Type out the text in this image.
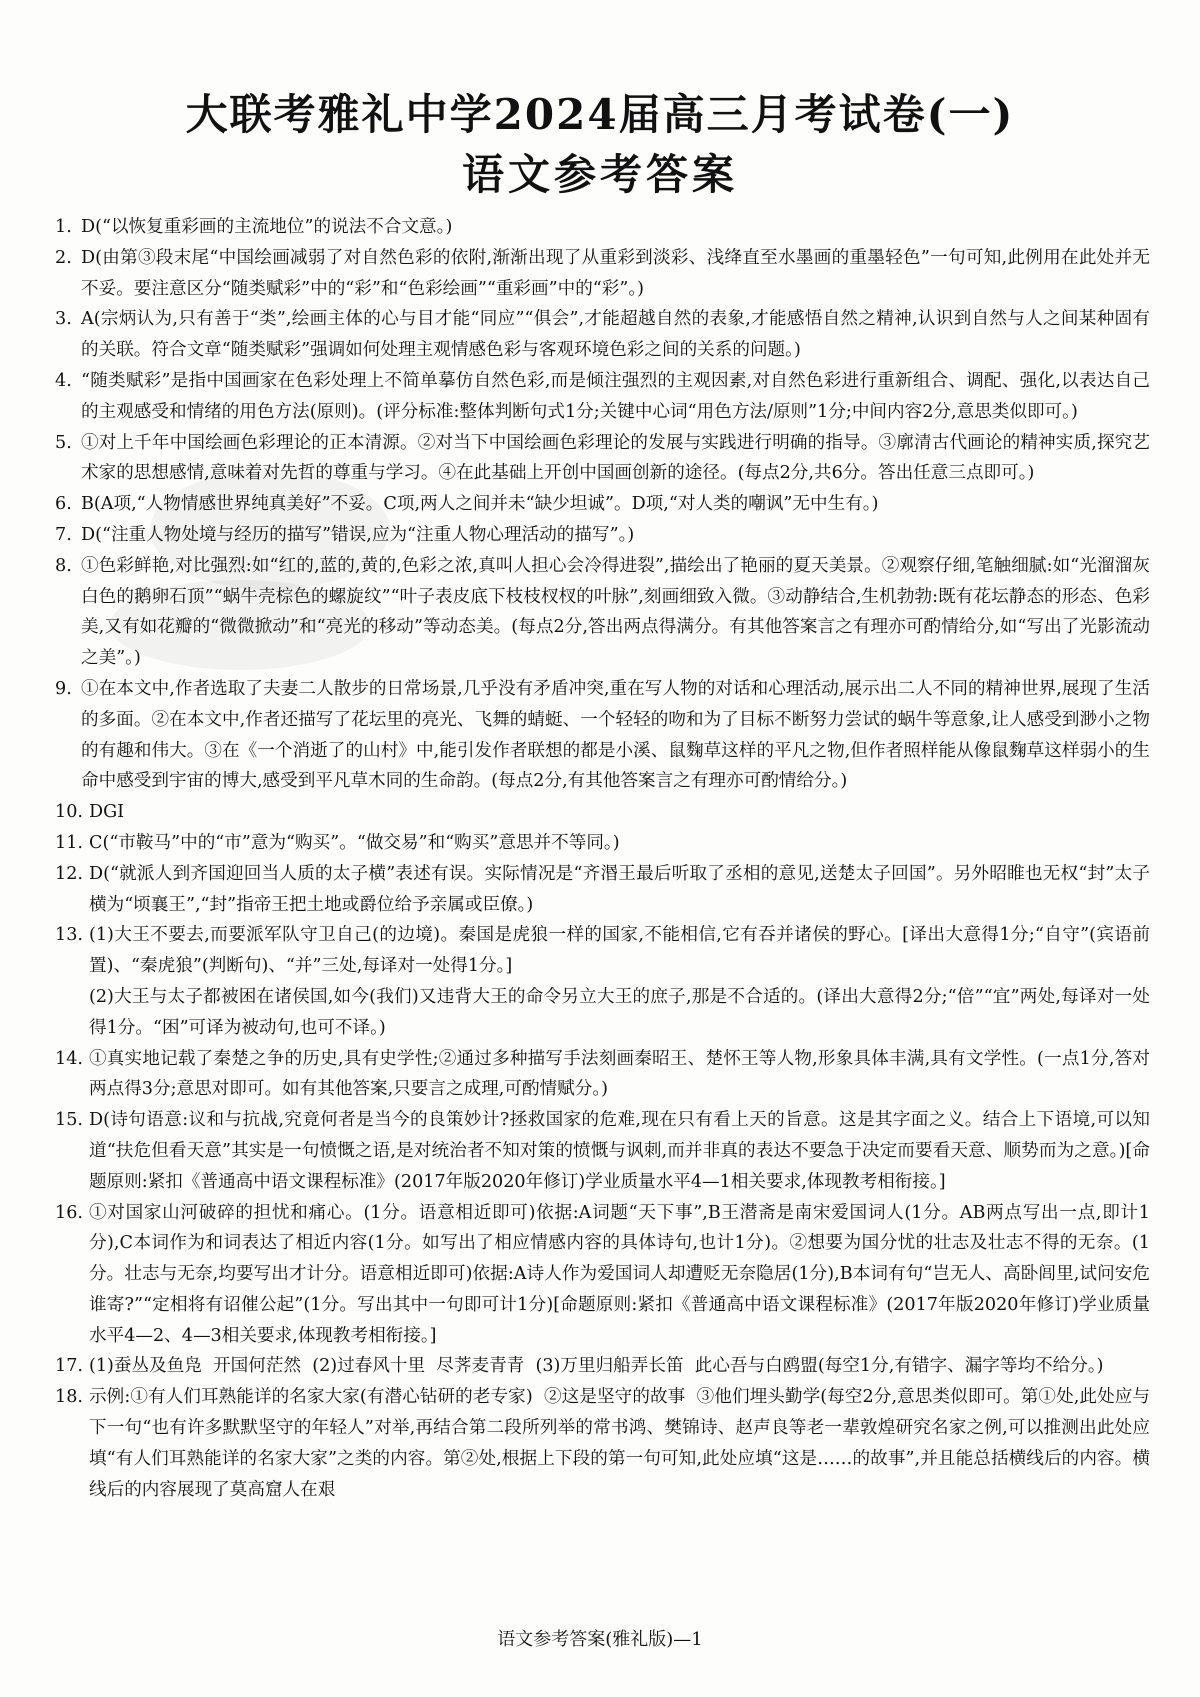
大联考雅礼中学2024届高三月考试卷(一)
语文参考答案
1. D(“以恢复重彩画的主流地位”的说法不合文意。)
2. D(由第③段末尾“中国绘画减弱了对自然色彩的依附,渐渐出现了从重彩到淡彩、浅绛直至水墨画的重墨轻色”一句可知,此例用在此处并无不妥。要注意区分“随类赋彩”中的“彩”和“色彩绘画”“重彩画”中的“彩”。)
3. A(宗炳认为,只有善于“类”,绘画主体的心与目才能“同应”“俱会”,才能超越自然的表象,才能感悟自然之精神,认识到自然与人之间某种固有的关联。符合文章“随类赋彩”强调如何处理主观情感色彩与客观环境色彩之间的关系的问题。)
4. “随类赋彩”是指中国画家在色彩处理上不简单摹仿自然色彩,而是倾注强烈的主观因素,对自然色彩进行重新组合、调配、强化,以表达自己的主观感受和情绪的用色方法(原则)。(评分标准:整体判断句式1分;关键中心词“用色方法/原则”1分;中间内容2分,意思类似即可。)
5. ①对上千年中国绘画色彩理论的正本清源。②对当下中国绘画色彩理论的发展与实践进行明确的指导。③廓清古代画论的精神实质,探究艺术家的思想感情,意味着对先哲的尊重与学习。④在此基础上开创中国画创新的途径。(每点2分,共6分。答出任意三点即可。)
6. B(A项,“人物情感世界纯真美好”不妥。C项,两人之间并未“缺少坦诚”。D项,“对人类的嘲讽”无中生有。)
7. D(“注重人物处境与经历的描写”错误,应为“注重人物心理活动的描写”。)
8. ①色彩鲜艳,对比强烈:如“红的,蓝的,黄的,色彩之浓,真叫人担心会冷得进裂”,描绘出了艳丽的夏天美景。②观察仔细,笔触细腻:如“光溜溜灰白色的鹅卵石顶”“蜗牛壳棕色的螺旋纹”“叶子表皮底下枝枝杈杈的叶脉”,刻画细致入微。③动静结合,生机勃勃:既有花坛静态的形态、色彩美,又有如花瓣的“微微掀动”和“亮光的移动”等动态美。(每点2分,答出两点得满分。有其他答案言之有理亦可酌情给分,如“写出了光影流动之美”。)
9. ①在本文中,作者选取了夫妻二人散步的日常场景,几乎没有矛盾冲突,重在写人物的对话和心理活动,展示出二人不同的精神世界,展现了生活的多面。②在本文中,作者还描写了花坛里的亮光、飞舞的蜻蜓、一个轻轻的吻和为了目标不断努力尝试的蜗牛等意象,让人感受到渺小之物的有趣和伟大。③在《一个消逝了的山村》中,能引发作者联想的都是小溪、鼠麴草这样的平凡之物,但作者照样能从像鼠麴草这样弱小的生命中感受到宇宙的博大,感受到平凡草木同的生命韵。(每点2分,有其他答案言之有理亦可酌情给分。)
10. DGI
11. C(“市鞍马”中的“市”意为“购买”。“做交易”和“购买”意思并不等同。)
12. D(“就派人到齐国迎回当人质的太子横”表述有误。实际情况是“齐湣王最后听取了丞相的意见,送楚太子回国”。另外昭睢也无权“封”太子横为“顷襄王”,“封”指帝王把土地或爵位给予亲属或臣僚。)
13. (1)大王不要去,而要派军队守卫自己(的边境)。秦国是虎狼一样的国家,不能相信,它有吞并诸侯的野心。[译出大意得1分;“自守”(宾语前置)、“秦虎狼”(判断句)、“并”三处,每译对一处得1分。]
(2)大王与太子都被困在诸侯国,如今(我们)又违背大王的命令另立大王的庶子,那是不合适的。(译出大意得2分;“倍”“宜”两处,每译对一处得1分。“困”可译为被动句,也可不译。)
14. ①真实地记载了秦楚之争的历史,具有史学性;②通过多种描写手法刻画秦昭王、楚怀王等人物,形象具体丰满,具有文学性。(一点1分,答对两点得3分;意思对即可。如有其他答案,只要言之成理,可酌情赋分。)
15. D(诗句语意:议和与抗战,究竟何者是当今的良策妙计?拯救国家的危难,现在只有看上天的旨意。这是其字面之义。结合上下语境,可以知道“扶危但看天意”其实是一句愤慨之语,是对统治者不知对策的愤慨与讽刺,而并非真的表达不要急于决定而要看天意、顺势而为之意。)[命题原则:紧扣《普通高中语文课程标准》(2017年版2020年修订)学业质量水平4—1相关要求,体现教考相衔接。]
16. ①对国家山河破碎的担忧和痛心。(1分。语意相近即可)依据:A词题“天下事”,B王潜斋是南宋爱国词人(1分。AB两点写出一点,即计1分),C本词作为和词表达了相近内容(1分。如写出了相应情感内容的具体诗句,也计1分)。②想要为国分忧的壮志及壮志不得的无奈。(1分。壮志与无奈,均要写出才计分。语意相近即可)依据:A诗人作为爱国词人却遭贬无奈隐居(1分),B本词有句“岂无人、高卧闾里,试问安危谁寄?”“定相将有诏催公起”(1分。写出其中一句即可计1分)[命题原则:紧扣《普通高中语文课程标准》(2017年版2020年修订)学业质量水平4—2、4—3相关要求,体现教考相衔接。]
17. (1)蚕丛及鱼凫  开国何茫然  (2)过春风十里  尽荠麦青青  (3)万里归船弄长笛  此心吾与白鸥盟(每空1分,有错字、漏字等均不给分。)
18. 示例:①有人们耳熟能详的名家大家(有潜心钻研的老专家)  ②这是坚守的故事  ③他们埋头勤学(每空2分,意思类似即可。第①处,此处应与下一句“也有许多默默坚守的年轻人”对举,再结合第二段所列举的常书鸿、樊锦诗、赵声良等老一辈敦煌研究名家之例,可以推测出此处应填“有人们耳熟能详的名家大家”之类的内容。第②处,根据上下段的第一句可知,此处应填“这是……的故事”,并且能总括横线后的内容。横线后的内容展现了莫高窟人在艰
语文参考答案(雅礼版)—1
